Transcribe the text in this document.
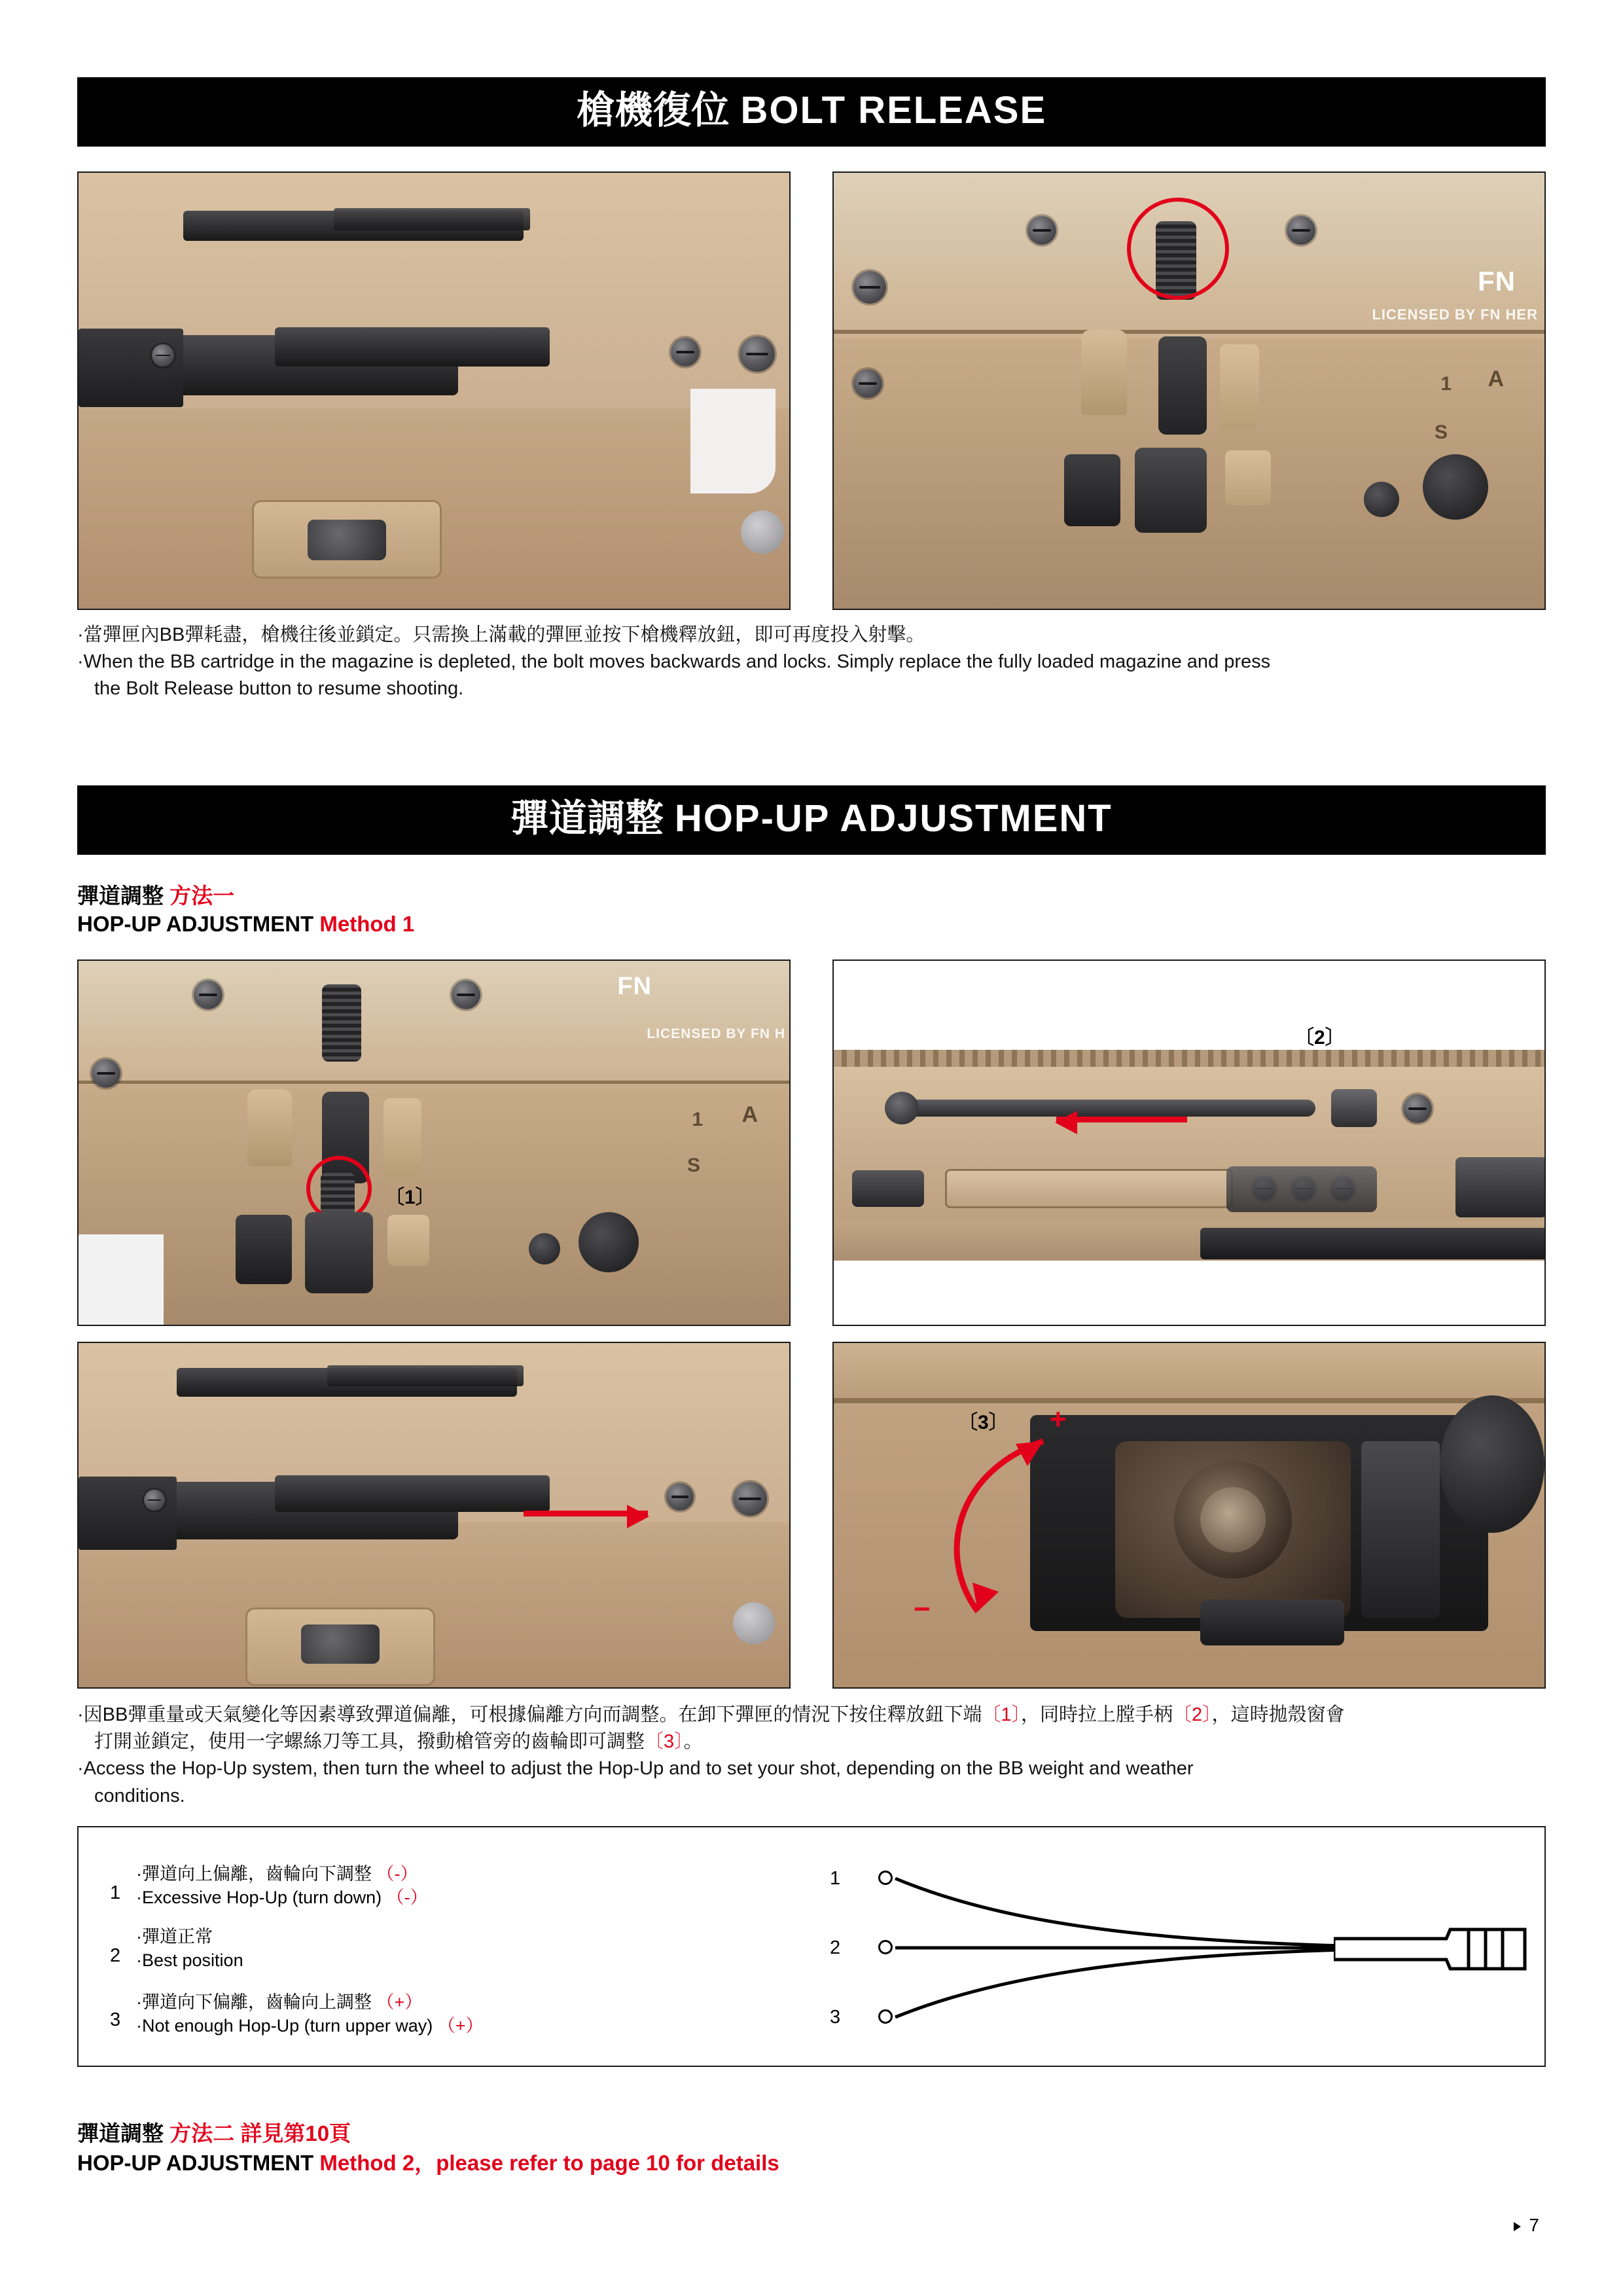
槍機復位 BOLT RELEASE
FN
LICENSED BY FN HER
A
1
S
·當彈匣內BB彈耗盡，槍機往後並鎖定。只需換上滿載的彈匣並按下槍機釋放鈕，即可再度投入射擊。
·When the BB cartridge in the magazine is depleted, the bolt moves backwards and locks. Simply replace the fully loaded magazine and press
the Bolt Release button to resume shooting.
彈道調整 HOP-UP ADJUSTMENT
彈道調整 方法一
HOP-UP ADJUSTMENT Method 1
〔1〕
FN
LICENSED BY FN H
A
1
S
〔2〕
+
−
〔3〕
·因BB彈重量或天氣變化等因素導致彈道偏離，可根據偏離方向而調整。在卸下彈匣的情況下按住釋放鈕下端〔1〕，同時拉上膛手柄〔2〕，這時拋殼窗會
打開並鎖定，使用一字螺絲刀等工具，撥動槍管旁的齒輪即可調整〔3〕。
·Access the Hop-Up system, then turn the wheel to adjust the Hop-Up and to set your shot, depending on the BB weight and weather
conditions.
1
·彈道向上偏離，齒輪向下調整 （-）
·Excessive Hop-Up (turn down) （-）
2
·彈道正常
·Best position
3
·彈道向下偏離，齒輪向上調整 （+）
·Not enough Hop-Up (turn upper way) （+）
1
2
3
彈道調整 方法二 詳見第10頁
HOP-UP ADJUSTMENT Method 2，please refer to page 10 for details
7
